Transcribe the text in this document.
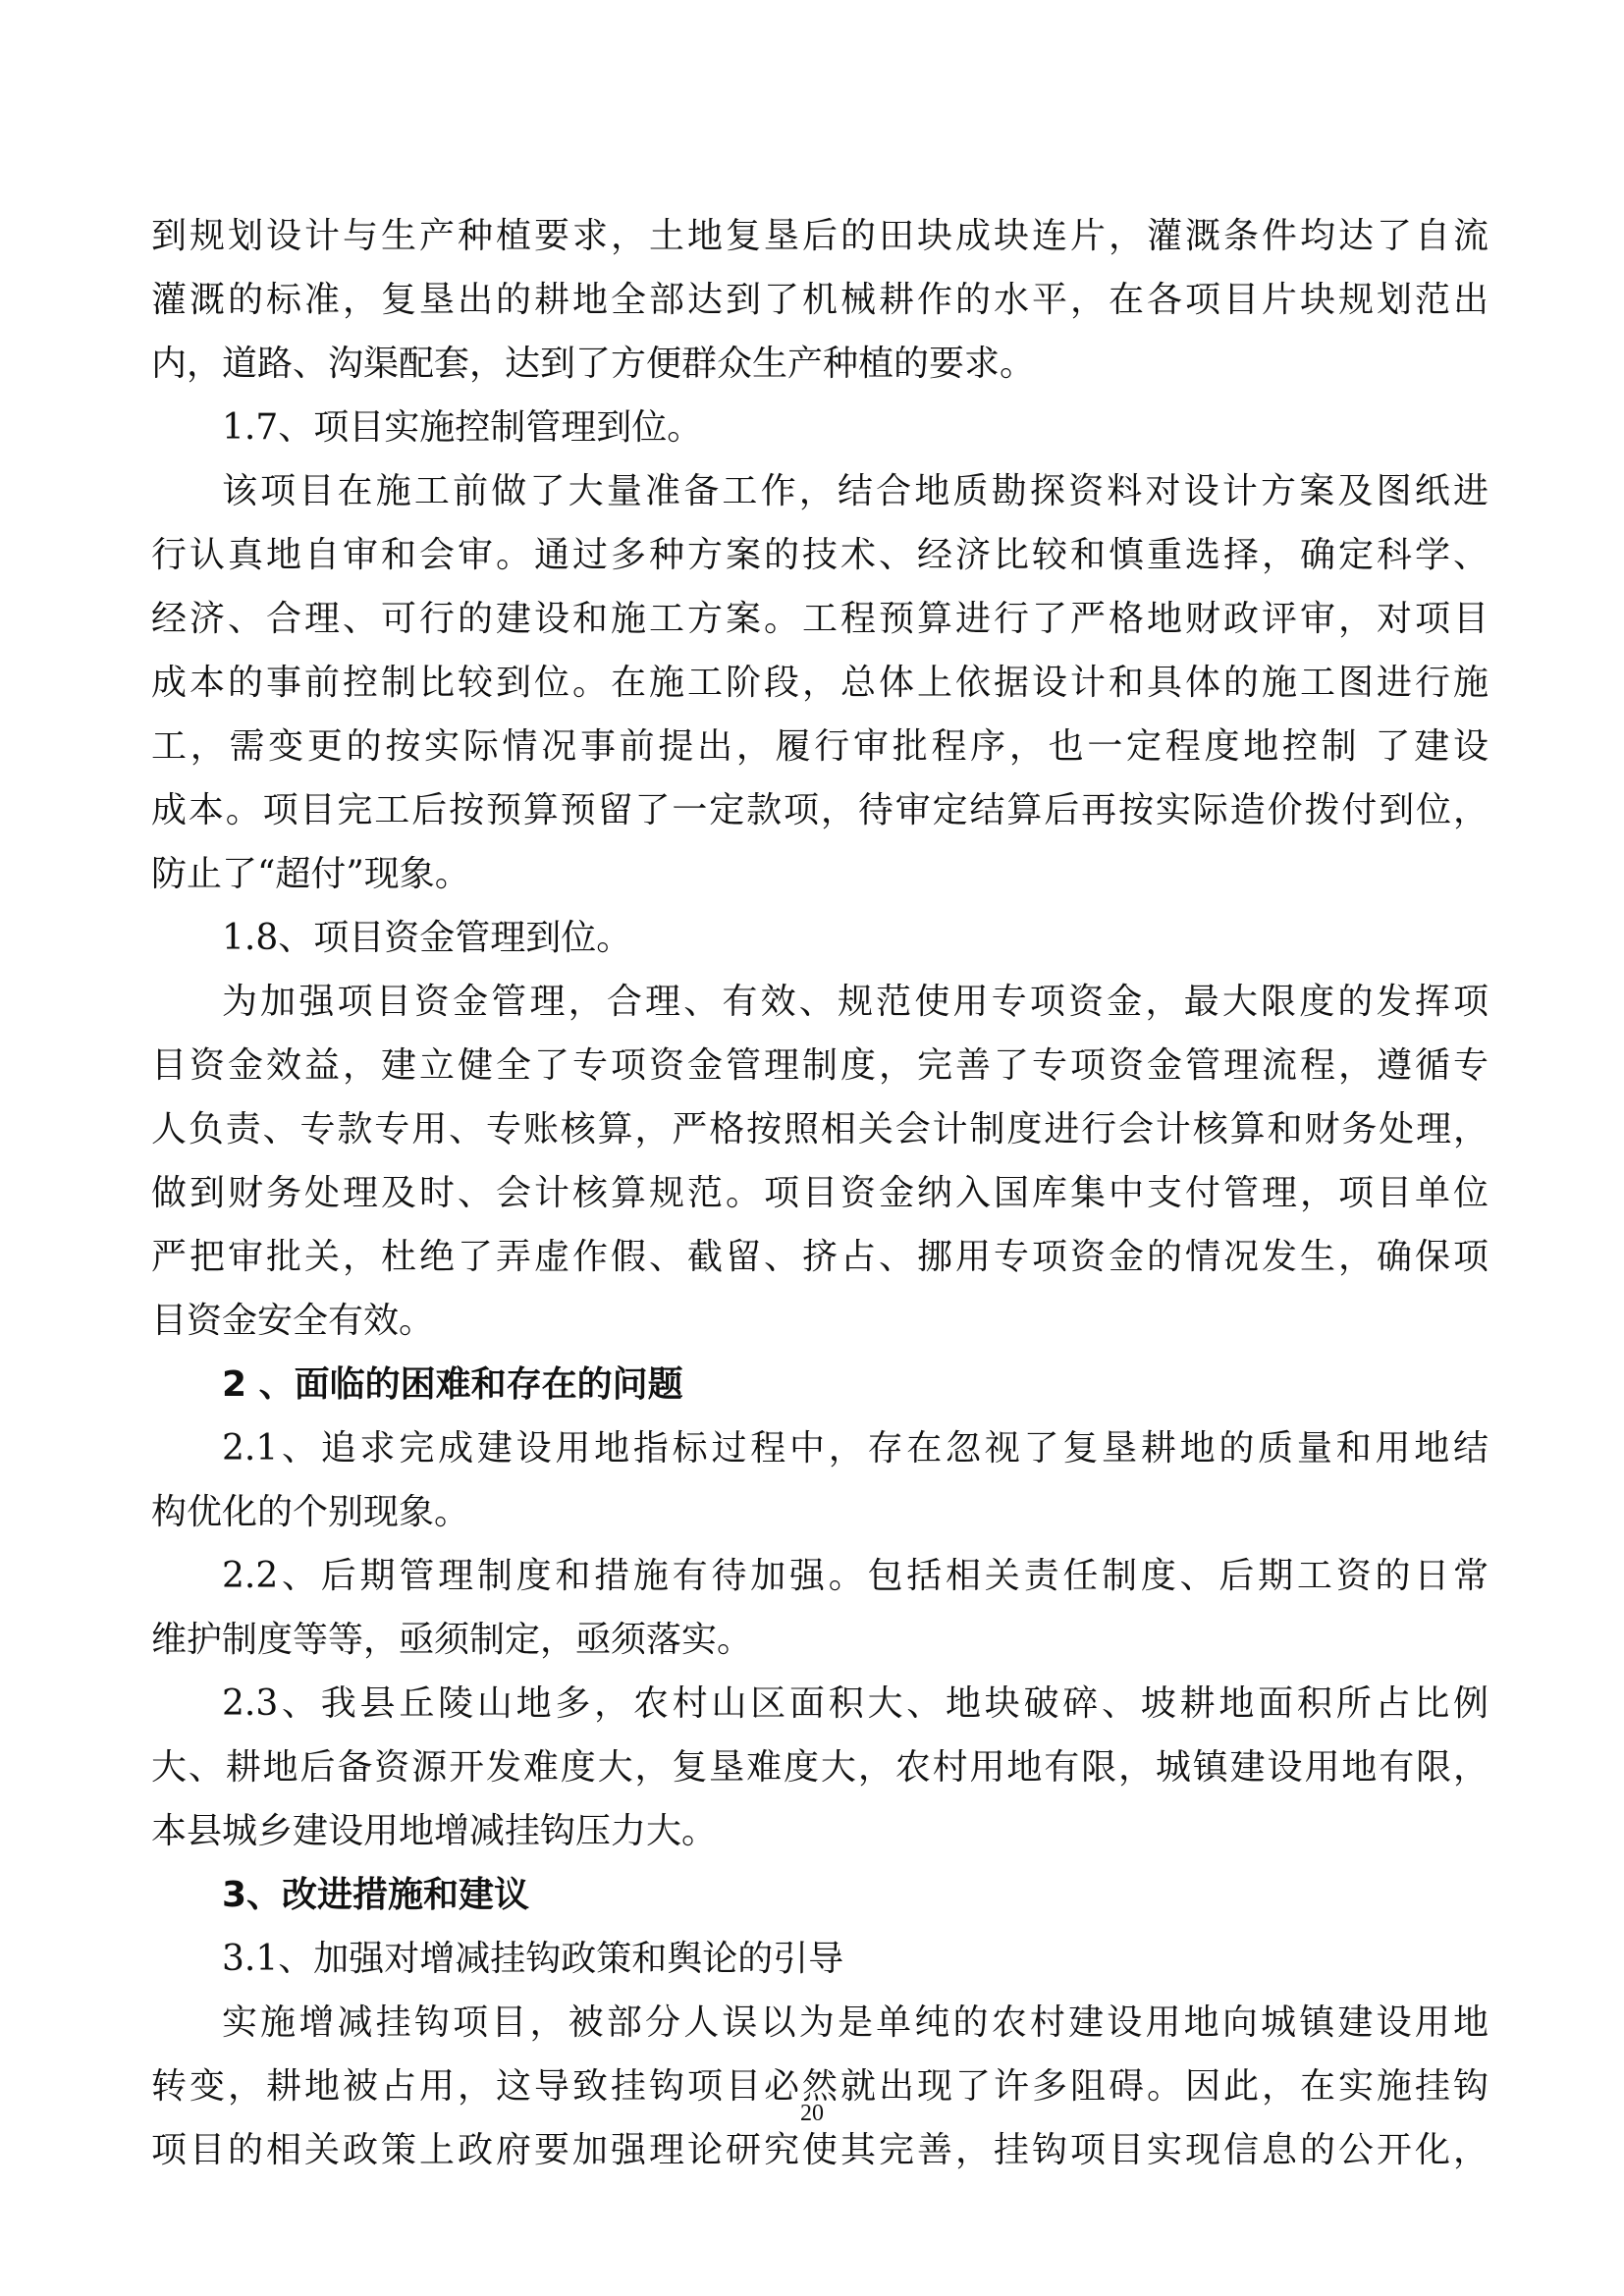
到规划设计与生产种植要求，土地复垦后的田块成块连片，灌溉条件均达了自流
灌溉的标准，复垦出的耕地全部达到了机械耕作的水平，在各项目片块规划范出
内，道路、沟渠配套，达到了方便群众生产种植的要求。
1.7、项目实施控制管理到位。
该项目在施工前做了大量准备工作，结合地质勘探资料对设计方案及图纸进
行认真地自审和会审。通过多种方案的技术、经济比较和慎重选择，确定科学、
经济、合理、可行的建设和施工方案。工程预算进行了严格地财政评审，对项目
成本的事前控制比较到位。在施工阶段，总体上依据设计和具体的施工图进行施
工，需变更的按实际情况事前提出，履行审批程序，也一定程度地控制 了建设
成本。项目完工后按预算预留了一定款项，待审定结算后再按实际造价拨付到位，
防止了“超付”现象。
1.8、项目资金管理到位。
为加强项目资金管理，合理、有效、规范使用专项资金，最大限度的发挥项
目资金效益，建立健全了专项资金管理制度，完善了专项资金管理流程，遵循专
人负责、专款专用、专账核算，严格按照相关会计制度进行会计核算和财务处理，
做到财务处理及时、会计核算规范。项目资金纳入国库集中支付管理，项目单位
严把审批关，杜绝了弄虚作假、截留、挤占、挪用专项资金的情况发生，确保项
目资金安全有效。
2 、面临的困难和存在的问题
2.1、追求完成建设用地指标过程中，存在忽视了复垦耕地的质量和用地结
构优化的个别现象。
2.2、后期管理制度和措施有待加强。包括相关责任制度、后期工资的日常
维护制度等等，亟须制定，亟须落实。
2.3、我县丘陵山地多，农村山区面积大、地块破碎、坡耕地面积所占比例
大、耕地后备资源开发难度大，复垦难度大，农村用地有限，城镇建设用地有限，
本县城乡建设用地增减挂钩压力大。
3、改进措施和建议
3.1、加强对增减挂钩政策和舆论的引导
实施增减挂钩项目，被部分人误以为是单纯的农村建设用地向城镇建设用地
转变，耕地被占用，这导致挂钩项目必然就出现了许多阻碍。因此，在实施挂钩
项目的相关政策上政府要加强理论研究使其完善，挂钩项目实现信息的公开化，
20
